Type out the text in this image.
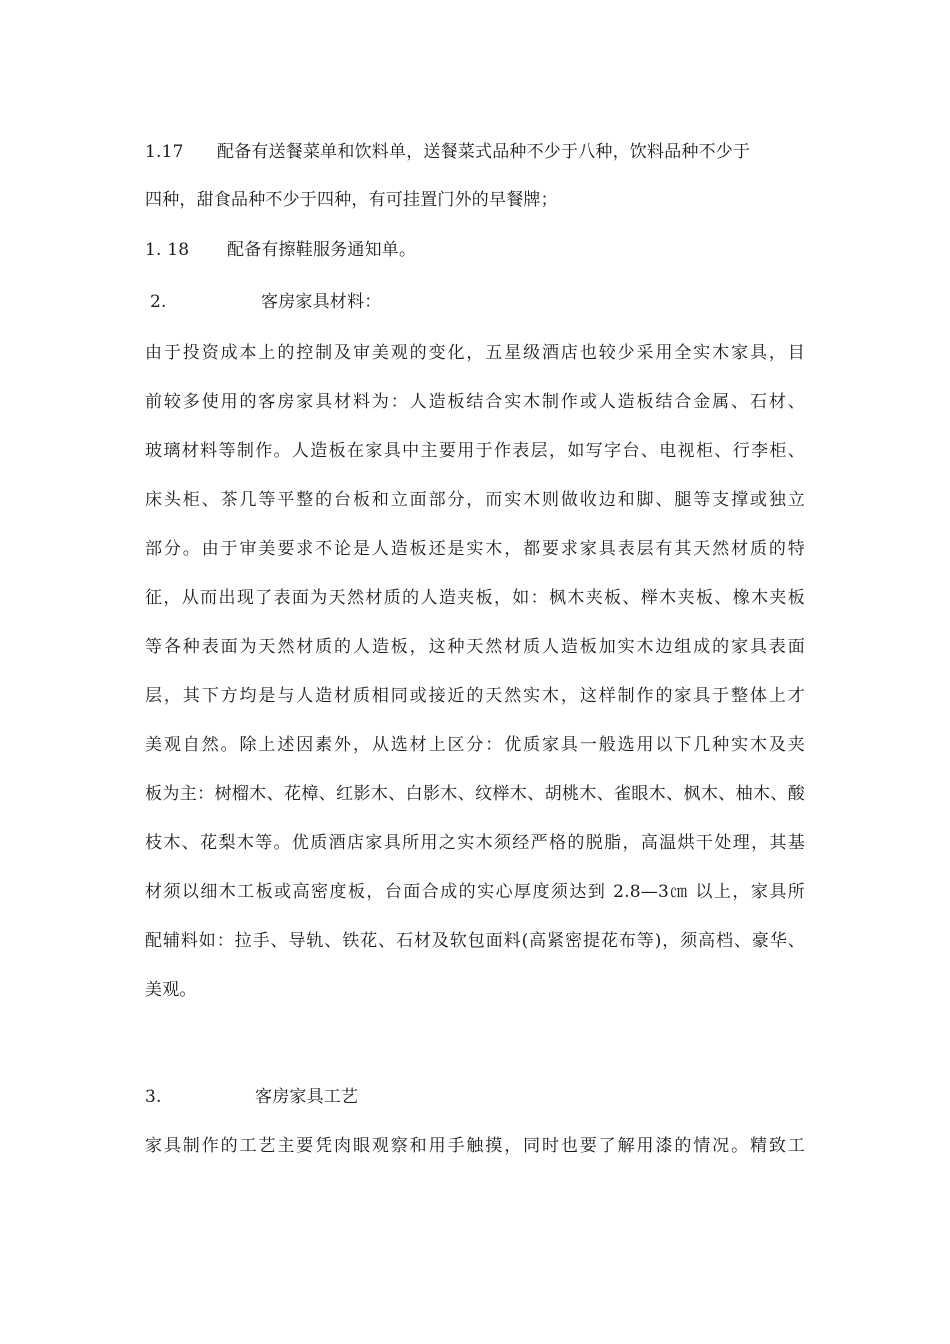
1.17 配备有送餐菜单和饮料单，送餐菜式品种不少于八种，饮料品种不少于
四种，甜食品种不少于四种，有可挂置门外的早餐牌；
1. 18 配备有擦鞋服务通知单。
2.	客房家具材料：
由于投资成本上的控制及审美观的变化，五星级酒店也较少采用全实木家具，目
前较多使用的客房家具材料为：人造板结合实木制作或人造板结合金属、石材、
玻璃材料等制作。人造板在家具中主要用于作表层，如写字台、电视柜、行李柜、
床头柜、茶几等平整的台板和立面部分，而实木则做收边和脚、腿等支撑或独立
部分。由于审美要求不论是人造板还是实木，都要求家具表层有其天然材质的特
征，从而出现了表面为天然材质的人造夹板，如：枫木夹板、榉木夹板、橡木夹板
等各种表面为天然材质的人造板，这种天然材质人造板加实木边组成的家具表面
层，其下方均是与人造材质相同或接近的天然实木，这样制作的家具于整体上才
美观自然。除上述因素外，从选材上区分：优质家具一般选用以下几种实木及夹
板为主：树榴木、花樟、红影木、白影木、纹榉木、胡桃木、雀眼木、枫木、柚木、酸
枝木、花梨木等。优质酒店家具所用之实木须经严格的脱脂，高温烘干处理，其基
材须以细木工板或高密度板，台面合成的实心厚度须达到 2.8—3㎝ 以上，家具所
配辅料如：拉手、导轨、铁花、石材及软包面料(高紧密提花布等)，须高档、豪华、
美观。
3.	客房家具工艺
家具制作的工艺主要凭肉眼观察和用手触摸，同时也要了解用漆的情况。精致工
